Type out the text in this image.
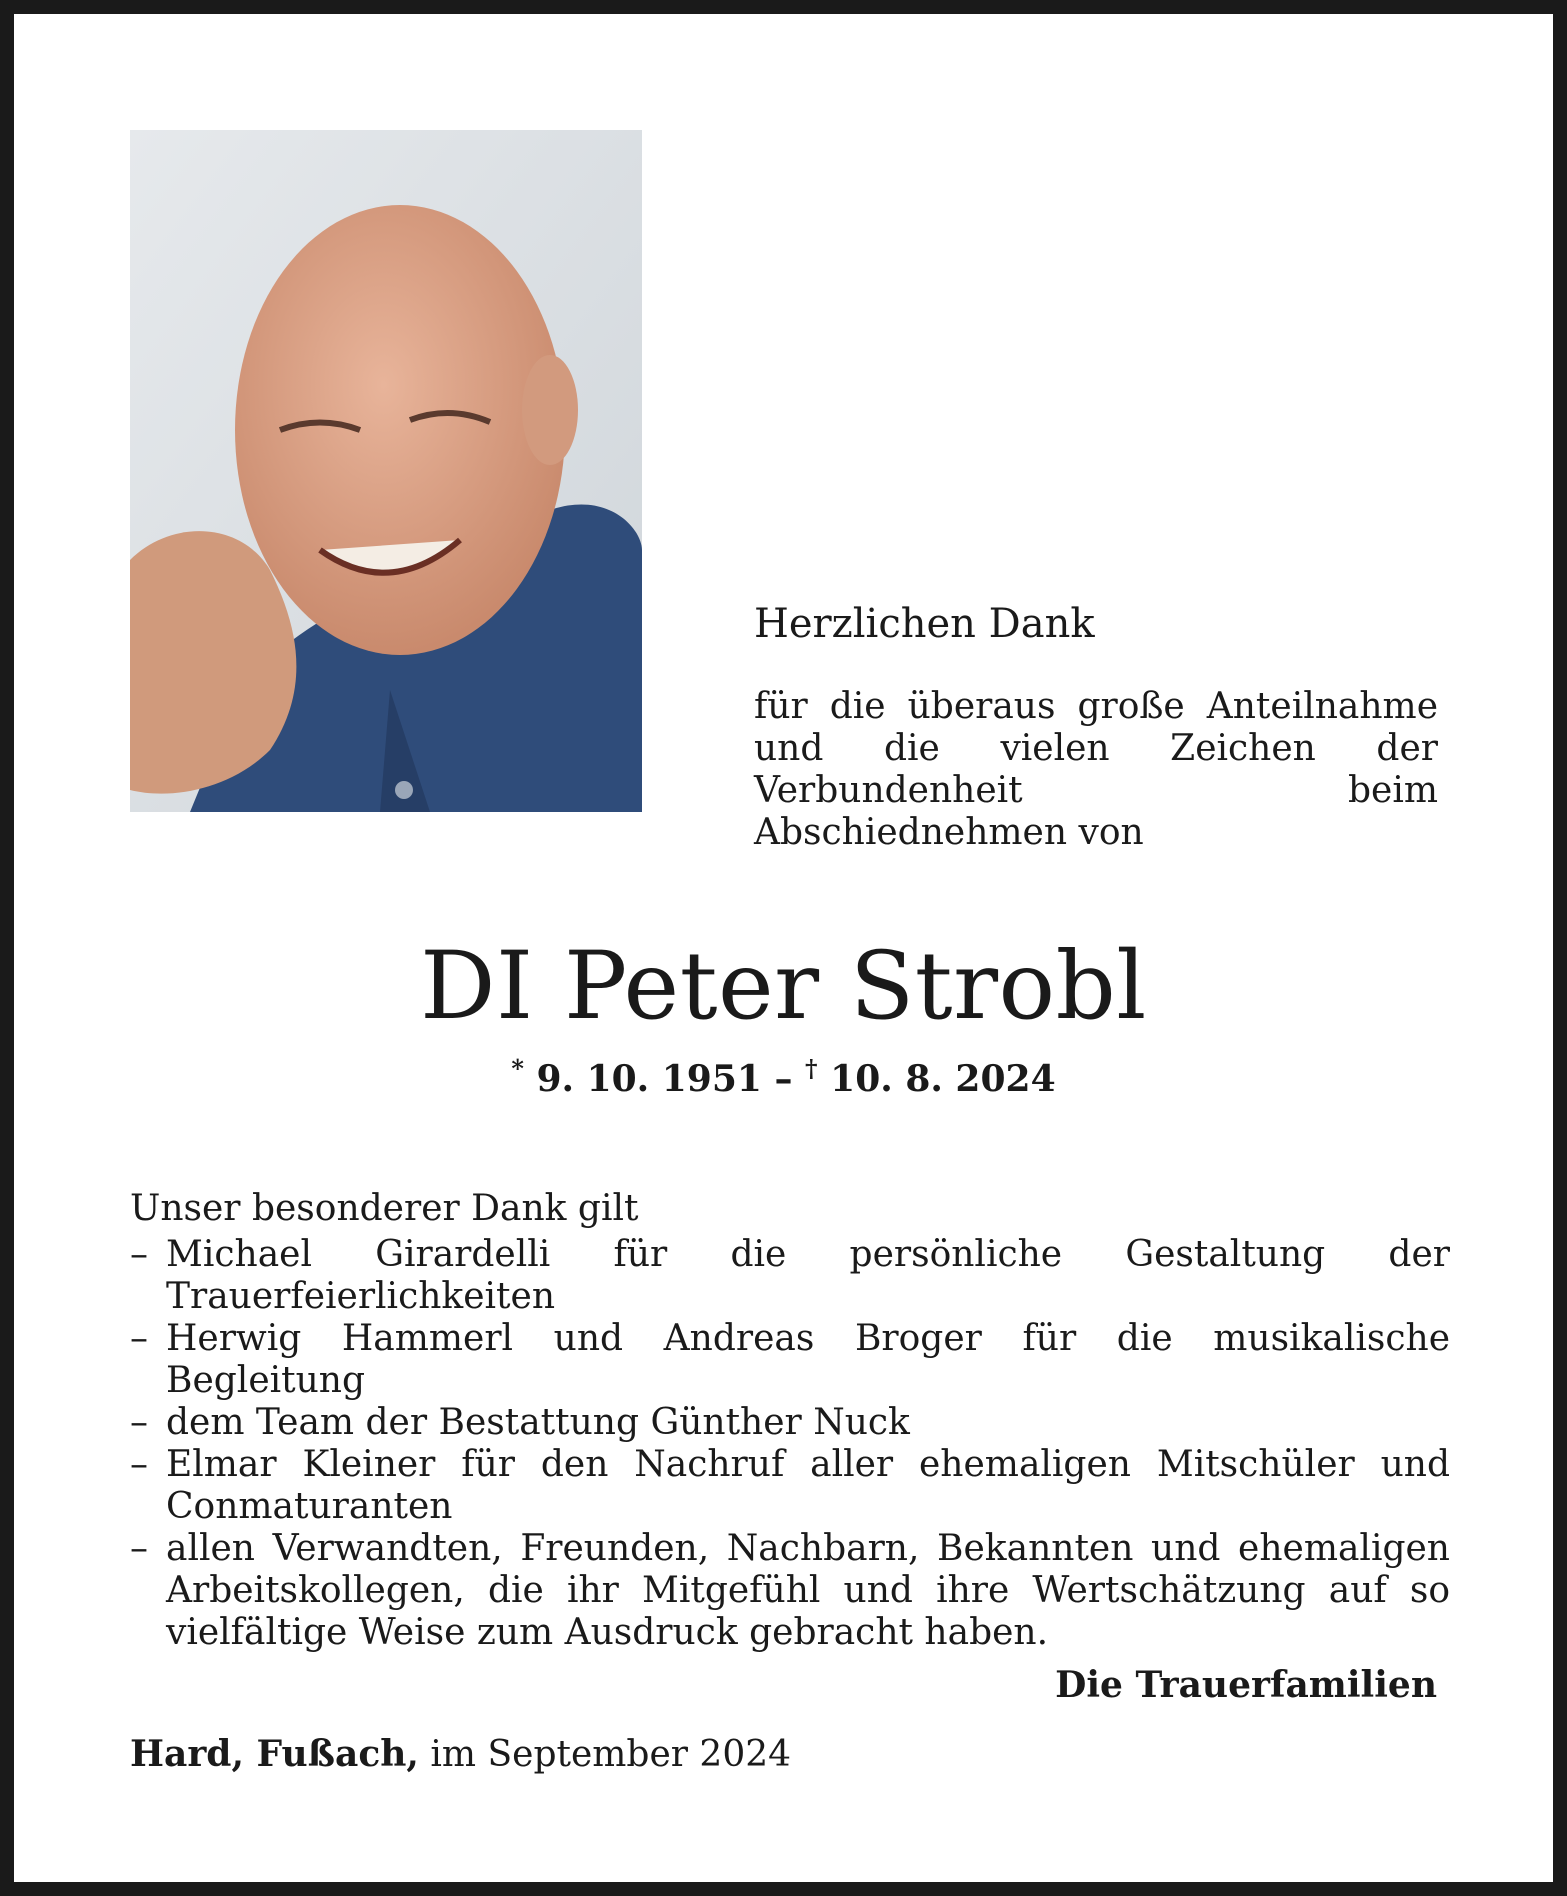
Herzlichen Dank

für die überaus große Anteilnahme und die vielen Zeichen der Verbundenheit beim Abschiednehmen von

DI Peter Strobl
* 9. 10. 1951 – † 10. 8. 2024

Unser besonderer Dank gilt

– Michael Girardelli für die persönliche Gestaltung der Trauerfeierlichkeiten
– Herwig Hammerl und Andreas Broger für die musikalische Begleitung
– dem Team der Bestattung Günther Nuck
– Elmar Kleiner für den Nachruf aller ehemaligen Mitschüler und Conmaturanten
– allen Verwandten, Freunden, Nachbarn, Bekannten und ehemaligen Arbeitskollegen, die ihr Mitgefühl und ihre Wertschätzung auf so vielfältige Weise zum Ausdruck gebracht haben.
Die Trauerfamilien
Hard, Fußach, im September 2024
